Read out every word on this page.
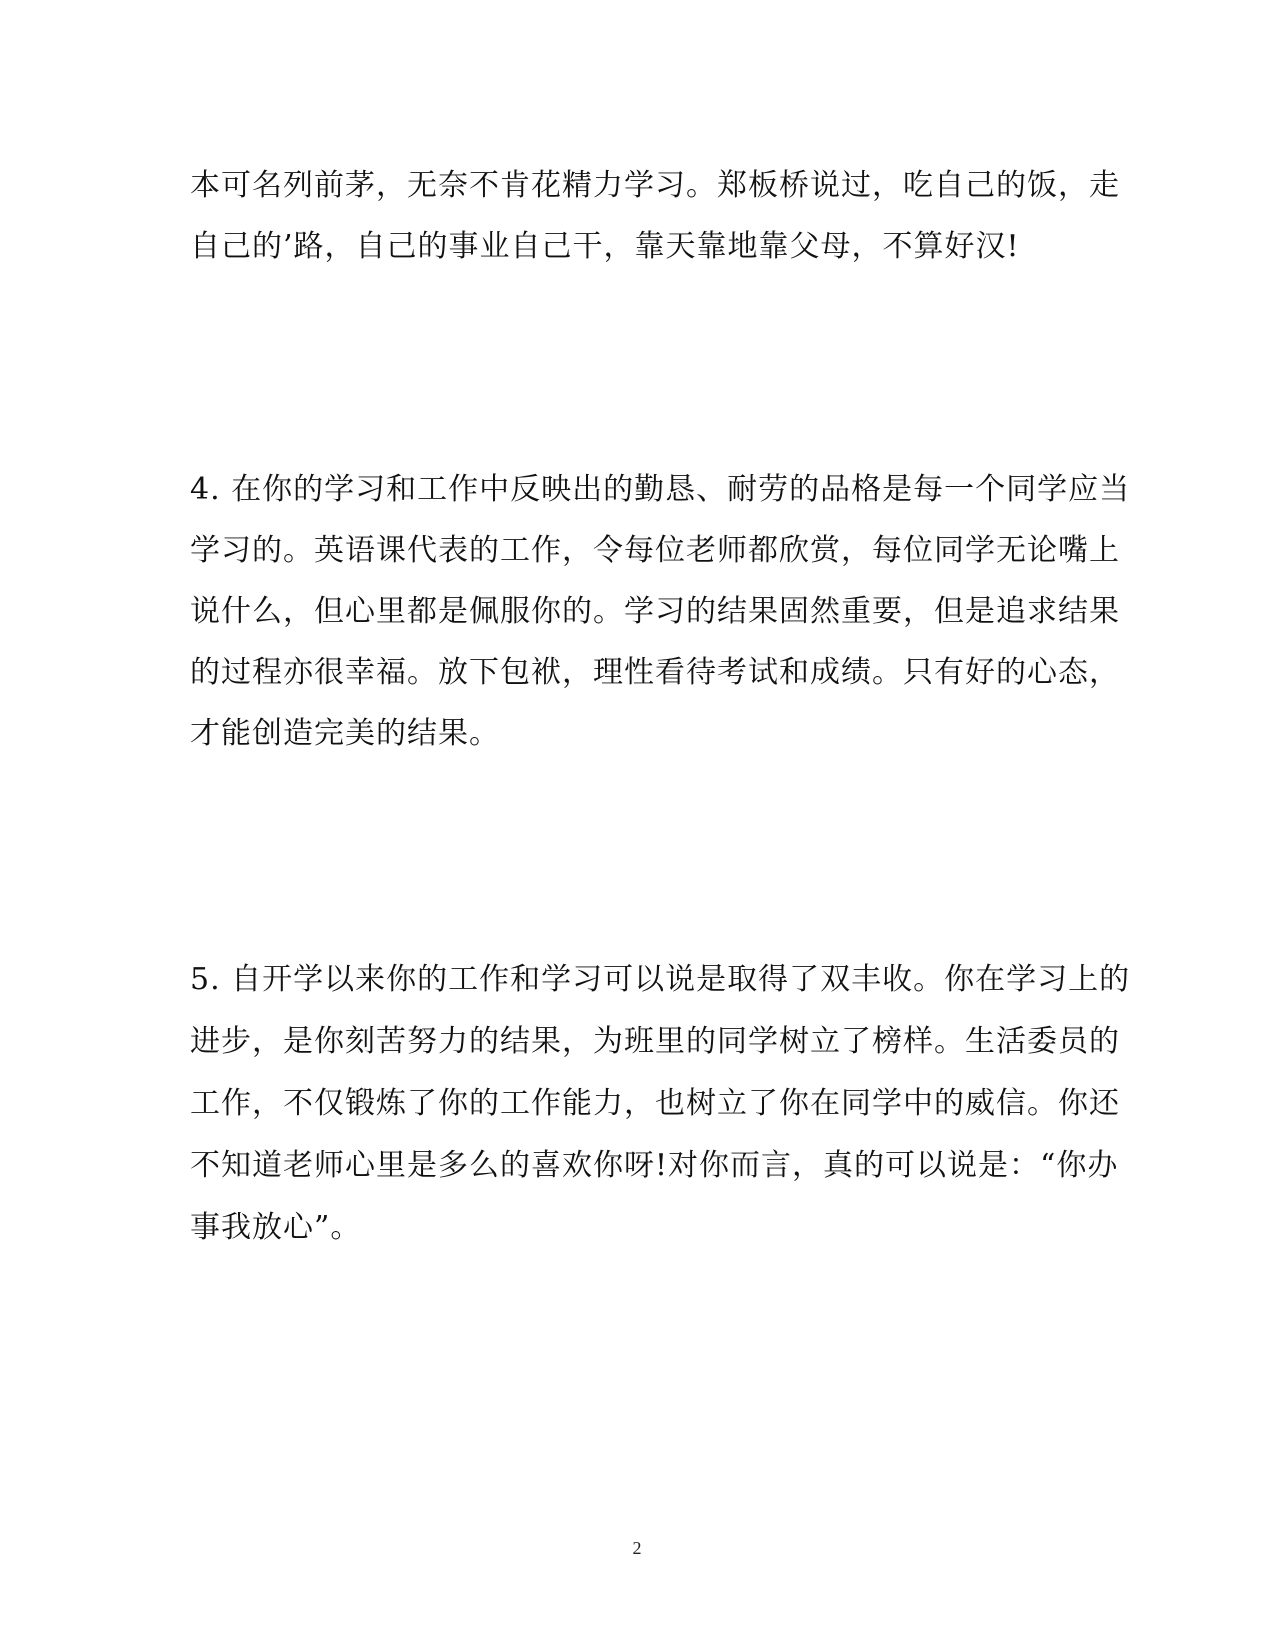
本可名列前茅，无奈不肯花精力学习。郑板桥说过，吃自己的饭，走
自己的’路，自己的事业自己干，靠天靠地靠父母，不算好汉!
4. 在你的学习和工作中反映出的勤恳、耐劳的品格是每一个同学应当
学习的。英语课代表的工作，令每位老师都欣赏，每位同学无论嘴上
说什么，但心里都是佩服你的。学习的结果固然重要，但是追求结果
的过程亦很幸福。放下包袱，理性看待考试和成绩。只有好的心态，
才能创造完美的结果。
5. 自开学以来你的工作和学习可以说是取得了双丰收。你在学习上的
进步，是你刻苦努力的结果，为班里的同学树立了榜样。生活委员的
工作，不仅锻炼了你的工作能力，也树立了你在同学中的威信。你还
不知道老师心里是多么的喜欢你呀!对你而言，真的可以说是：“你办
事我放心”。
2
